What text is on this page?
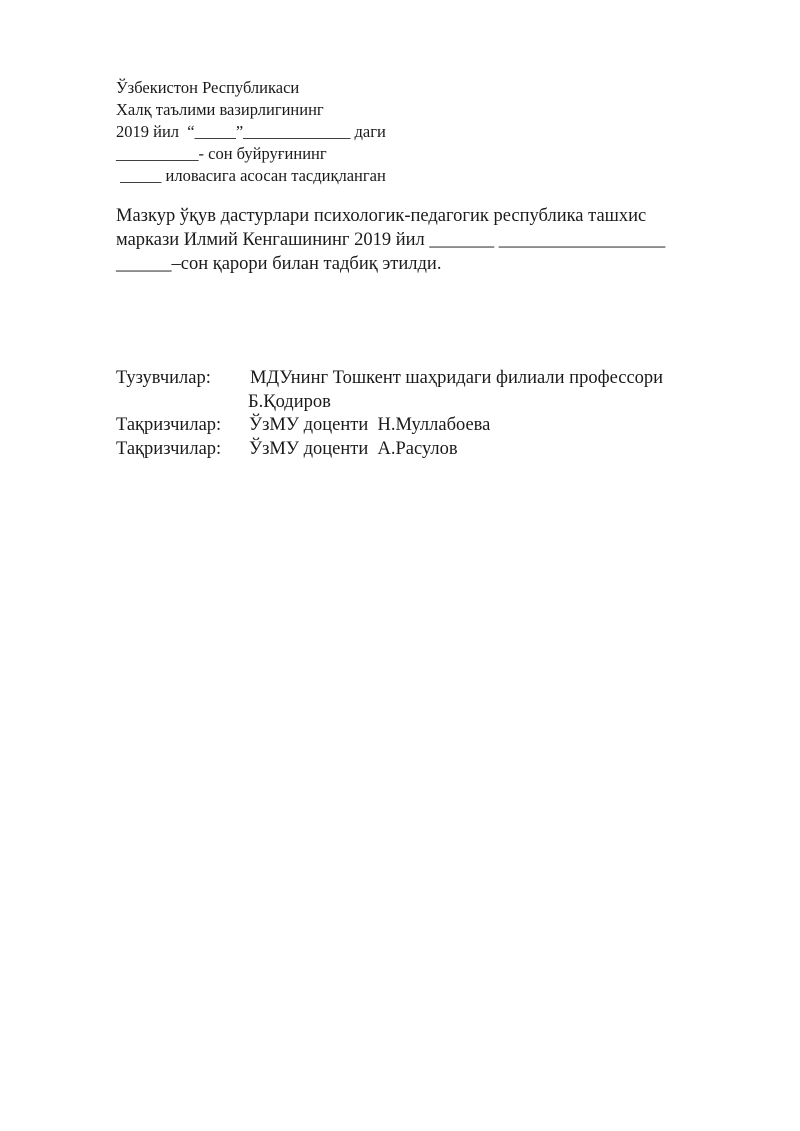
Ўзбекистон Республикаси
Халқ таълими вазирлигининг
2019 йил  “_____”_____________ даги
__________- сон буйруғининг
_____ иловасига асосан тасдиқланган
Мазкур ўқув дастурлари психологик-педагогик республика ташхис
маркази Илмий Кенгашининг 2019 йил _______ __________________
______–сон қарори билан тадбиқ этилди.

Тузувчилар:

МДУнинг Тошкент шаҳридаги филиали профессори

Б.Қодиров

Тақризчилар:

ЎзМУ доценти  Н.Муллабоева

Тақризчилар:

ЎзМУ доценти  А.Расулов
